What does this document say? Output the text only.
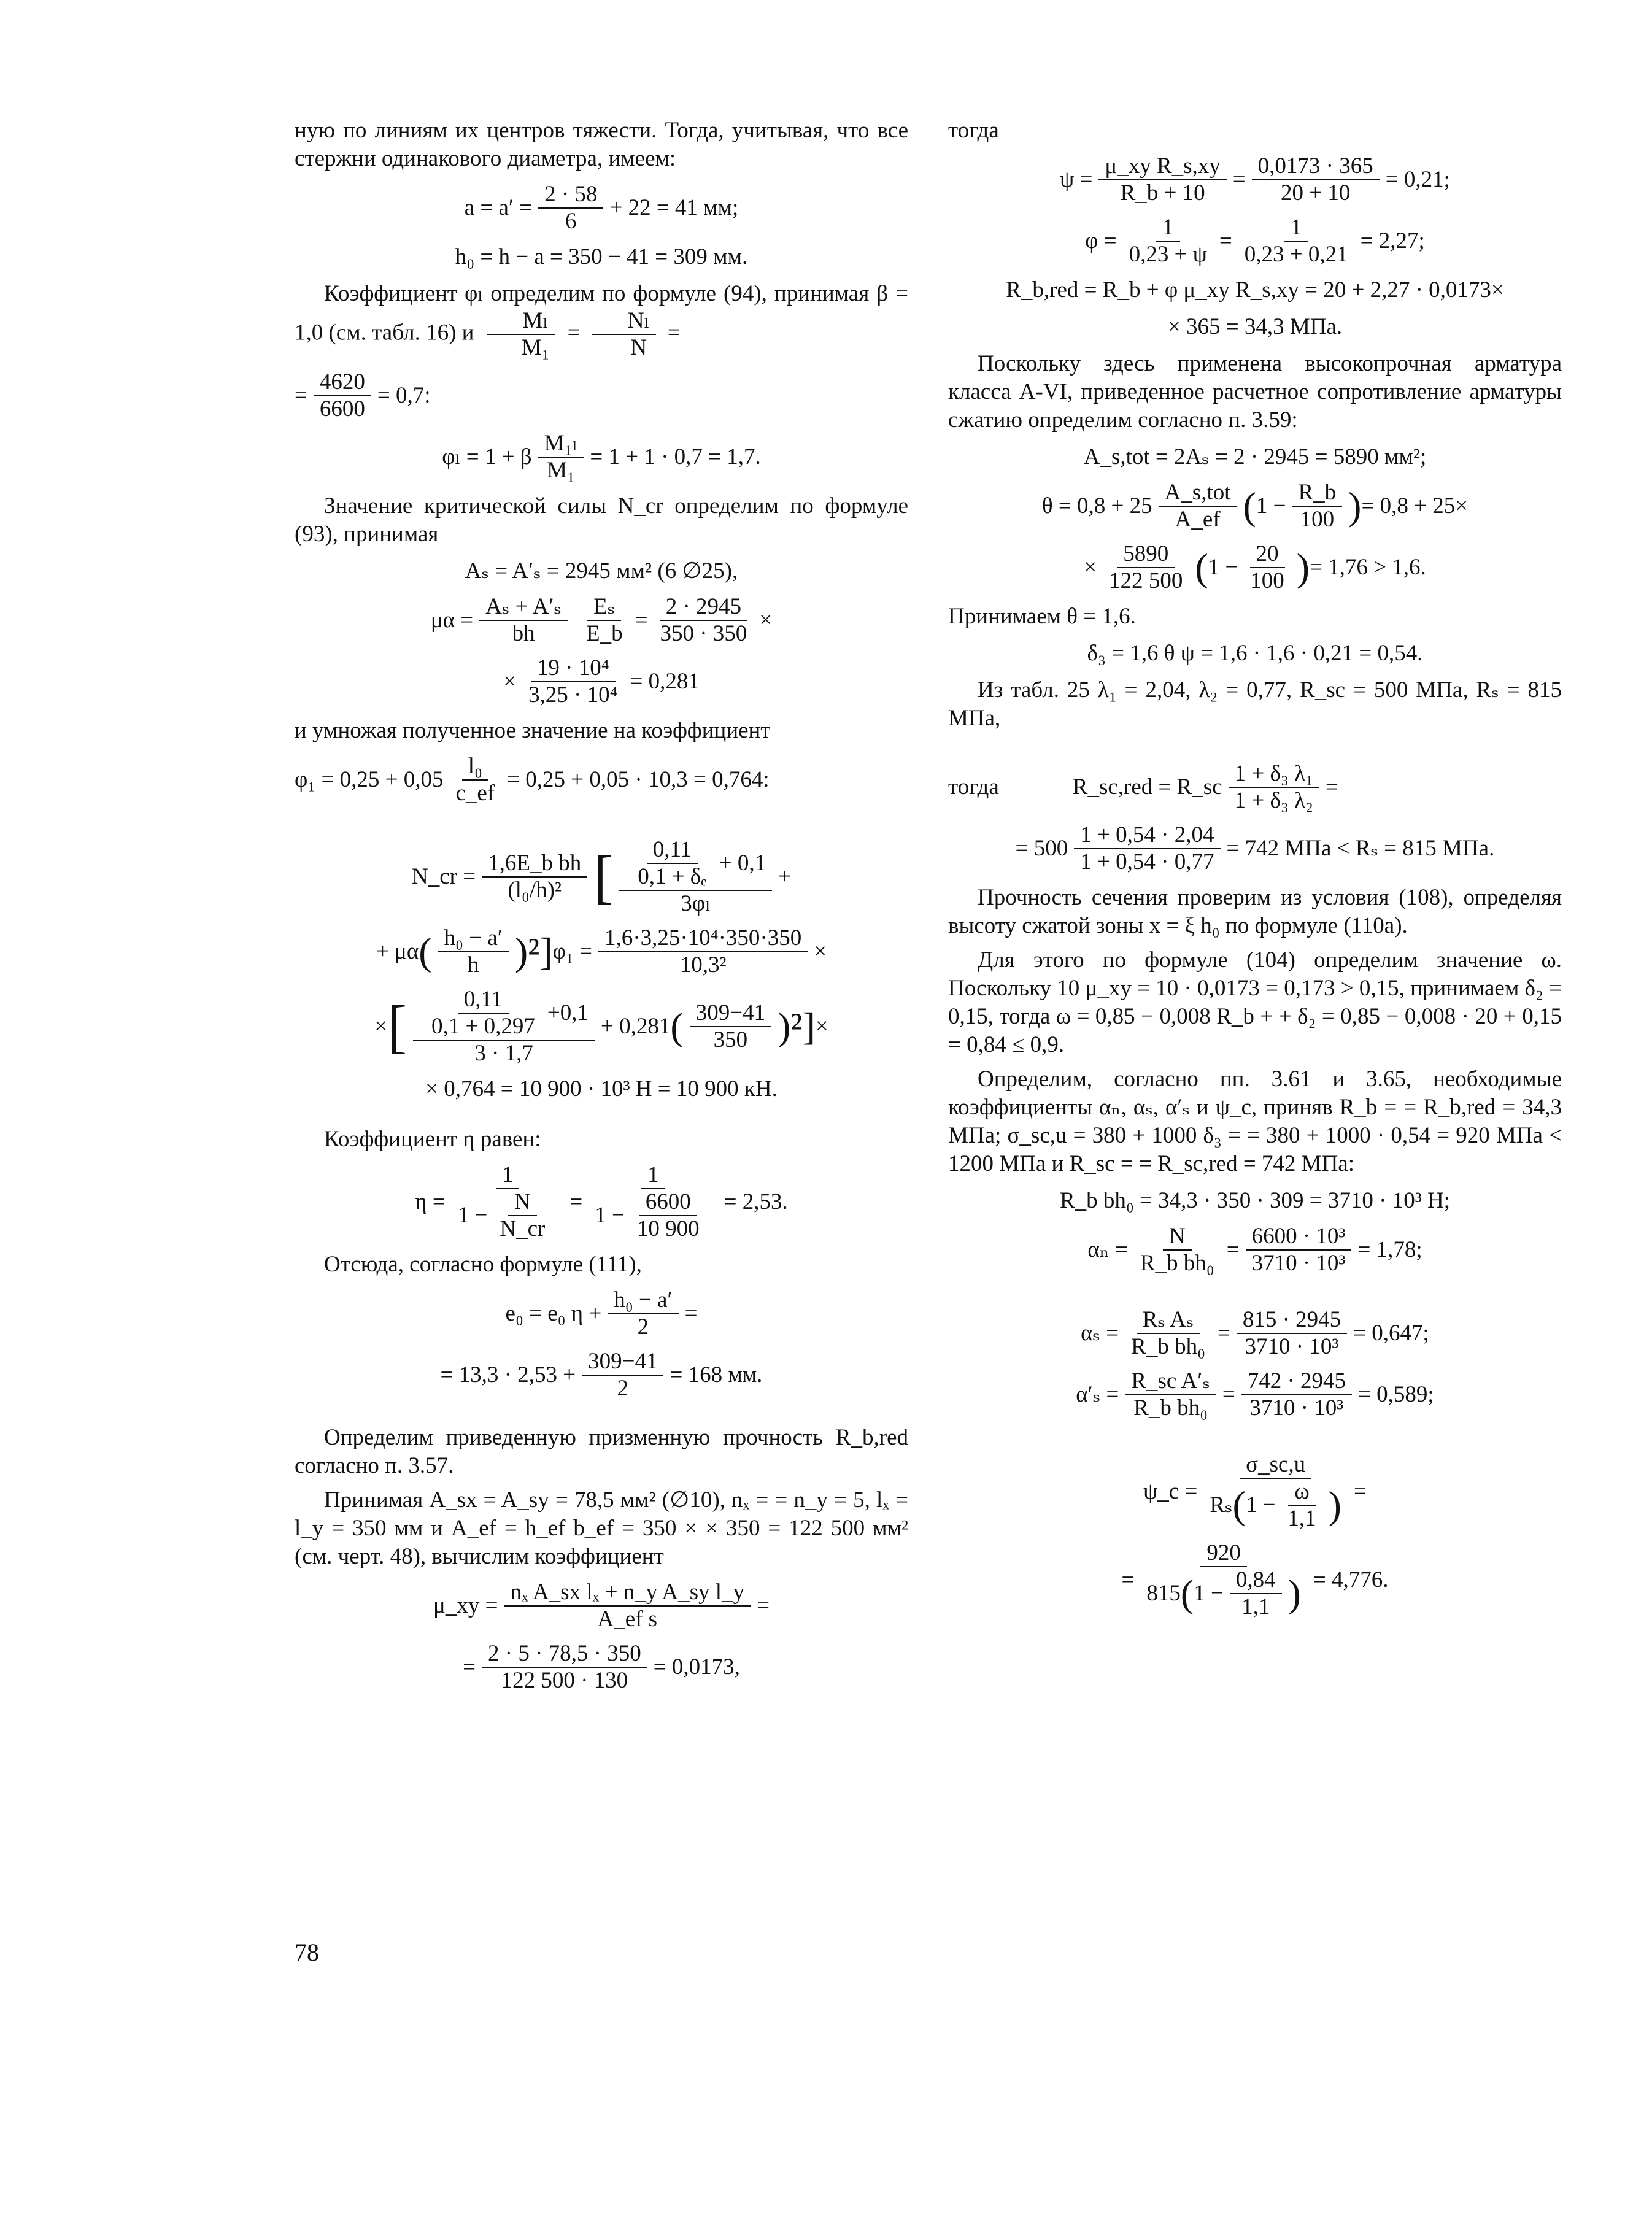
ную по линиям их центров тяжести. Тогда, учитывая, что все стержни одинакового диаметра, имеем:

$a = a' = \frac{2 \cdot 58}{6} + 22 = 41$ мм;
h₀ = h − a = 350 − 41 = 309 мм.

Коэффициент φₗ определим по формуле (94), принимая β = 1,0 (см. табл. 16) и $\frac{\text{Mₗ}}{\text{M₁}} = \frac{\text{Nₗ}}{N}$ =

= $\frac{4620}{6600} = 0,7$:
φₗ = 1 + β $\frac{\text{M₁ₗ}}{\text{M₁}} = 1 + 1 \cdot 0,7 = 1,7$.

Значение критической силы N_cr определим по формуле (93), принимая

Aₛ = A′ₛ = 2945 мм² (6 ∅25),
$\mu\alpha = \frac{\text{Aₛ + A′ₛ}}{bh} \frac{\text{Eₛ}}{E\_b} = \frac{2 \cdot 2945}{350 \cdot 350}$ ×
× $\frac{\text{19 · 10⁴}}{\text{3,25 · 10⁴}} = 0,281$

и умножая полученное значение на коэффициент

$\varphi_1 = 0,25 + 0,05 \frac{\text{l₀}}{c\_ef} = 0,25 + 0,05 \cdot 10,3 = 0,764$:
N_cr = $\frac{\text{1,6E\_b bh}}{\text{(l₀/h)²}}$ [ 0,11
0,1 + δₑ
+ 0,1
3φₗ
+
+ μα ( h₀ − a′
h )²] $\varphi_1 = \frac{\text{1,6·3,25·10⁴·350·350}}{\text{10,3²}}$ ×
× [	0,11
0,1 + 0,297
+0,1
3 · 1,7
+ 0,281 ( 309−41
350 )²] ×
× 0,764 = 10 900 · 10³ Н = 10 900 кН.

Коэффициент η равен:

$\eta = \frac{1}{1 - \frac{N}{N\_cr}} = \frac{1}{1 - \frac{6600}{10 900}} = 2,53$.

Отсюда, согласно формуле (111),

e₀ = e₀ $\eta + \frac{\text{h₀ − a′}}{2}$ =
= $13,3 \cdot 2,53 + \frac{309-41}{2} = 168$ мм.

Определим приведенную призменную прочность R_b,red согласно п. 3.57.

Принимая A_sx = A_sy = 78,5 мм² (∅10), nₓ = = n_y = 5, lₓ = l_y = 350 мм и A_ef = h_ef b_ef = 350 × × 350 = 122 500 мм² (см. черт. 48), вычислим коэффициент

μ_xy = $\frac{\text{nₓ A\_sx lₓ + n\_y A\_sy l\_y}}{\text{A\_ef s}}$ =
= $\frac{2 \cdot 5 \cdot 78,5 \cdot 350}{122 500 \cdot 130} = 0,0173$,

тогда

$\psi = \frac{\text{μ\_xy R\_s,xy}}{R\_b + 10} = \frac{0,0173 \cdot 365}{20 + 10} = 0,21$;
$\varphi = \frac{1}{0,23 + \psi} = \frac{1}{0,23 + 0,21} = 2,27$;
R_b,red = R_b + φ μ_xy R_s,xy = 20 + 2,27 · 0,0173×
× 365 = 34,3 МПа.

Поскольку здесь применена высокопрочная арматура класса A-VI, приведенное расчетное сопротивление арматуры сжатию определим согласно п. 3.59:

A_s,tot = 2Aₛ = 2 · 2945 = 5890 мм²;
θ = 0,8 + 25
A_s,tot
A_ef ( $1 - \frac{R\_b}{100}$ ) = 0,8 + 25×
× $\frac{5890}{122 500}$ ( $1 - \frac{20}{100}$ ) = 1,76 > 1,6.

Принимаем θ = 1,6.

δ₃ = 1,6 θ ψ = 1,6 · 1,6 · 0,21 = 0,54.

Из табл. 25 λ₁ = 2,04, λ₂ = 0,77, R_sc = 500 МПа, Rₛ = 815 МПа,

тогда	R_sc,red = R_sc $\frac{\text{1 + δ₃ λ₁}}{\text{1 + δ₃ λ₂}}$ =
= $500 \frac{1 + 0,54 \cdot 2,04}{1 + 0,54 \cdot 0,77} = 742$ МПа < Rₛ = 815 МПа.

Прочность сечения проверим из условия (108), определяя высоту сжатой зоны x = ξ h₀ по формуле (110а).

Для этого по формуле (104) определим значение ω. Поскольку 10 μ_xy = 10 · 0,0173 = 0,173 > 0,15, принимаем δ₂ = 0,15, тогда ω = 0,85 − 0,008 R_b + + δ₂ = 0,85 − 0,008 · 20 + 0,15 = 0,84 ≤ 0,9.

Определим, согласно пп. 3.61 и 3.65, необходимые коэффициенты αₙ, αₛ, α′ₛ и ψ_c, приняв R_b = = R_b,red = 34,3 МПа; σ_sc,u = 380 + 1000 δ₃ = = 380 + 1000 · 0,54 = 920 МПа < 1200 МПа и R_sc = = R_sc,red = 742 МПа:

R_b bh₀ = 34,3 · 350 · 309 = 3710 · 10³ Н;
$\alpha_n = \frac{N}{\text{R\_b bh₀}} = \frac{\text{6600 · 10³}}{\text{3710 · 10³}} = 1,78$;
$\alpha_s = \frac{\text{Rₛ Aₛ}}{\text{R\_b bh₀}} = \frac{815 \cdot 2945}{\text{3710 · 10³}} = 0,647$;
$\alpha'_s = \frac{\text{R\_sc A′ₛ}}{\text{R\_b bh₀}} = \frac{742 \cdot 2945}{\text{3710 · 10³}} = 0,589$;
ψ_c = $\frac{\sigma\_sc,u}{R_s ( 1 - \frac{\omega}{1,1} )}$ =
= $\frac{920}{815 ( 1 - \frac{0,84}{1,1} )} = 4,776$.
78
